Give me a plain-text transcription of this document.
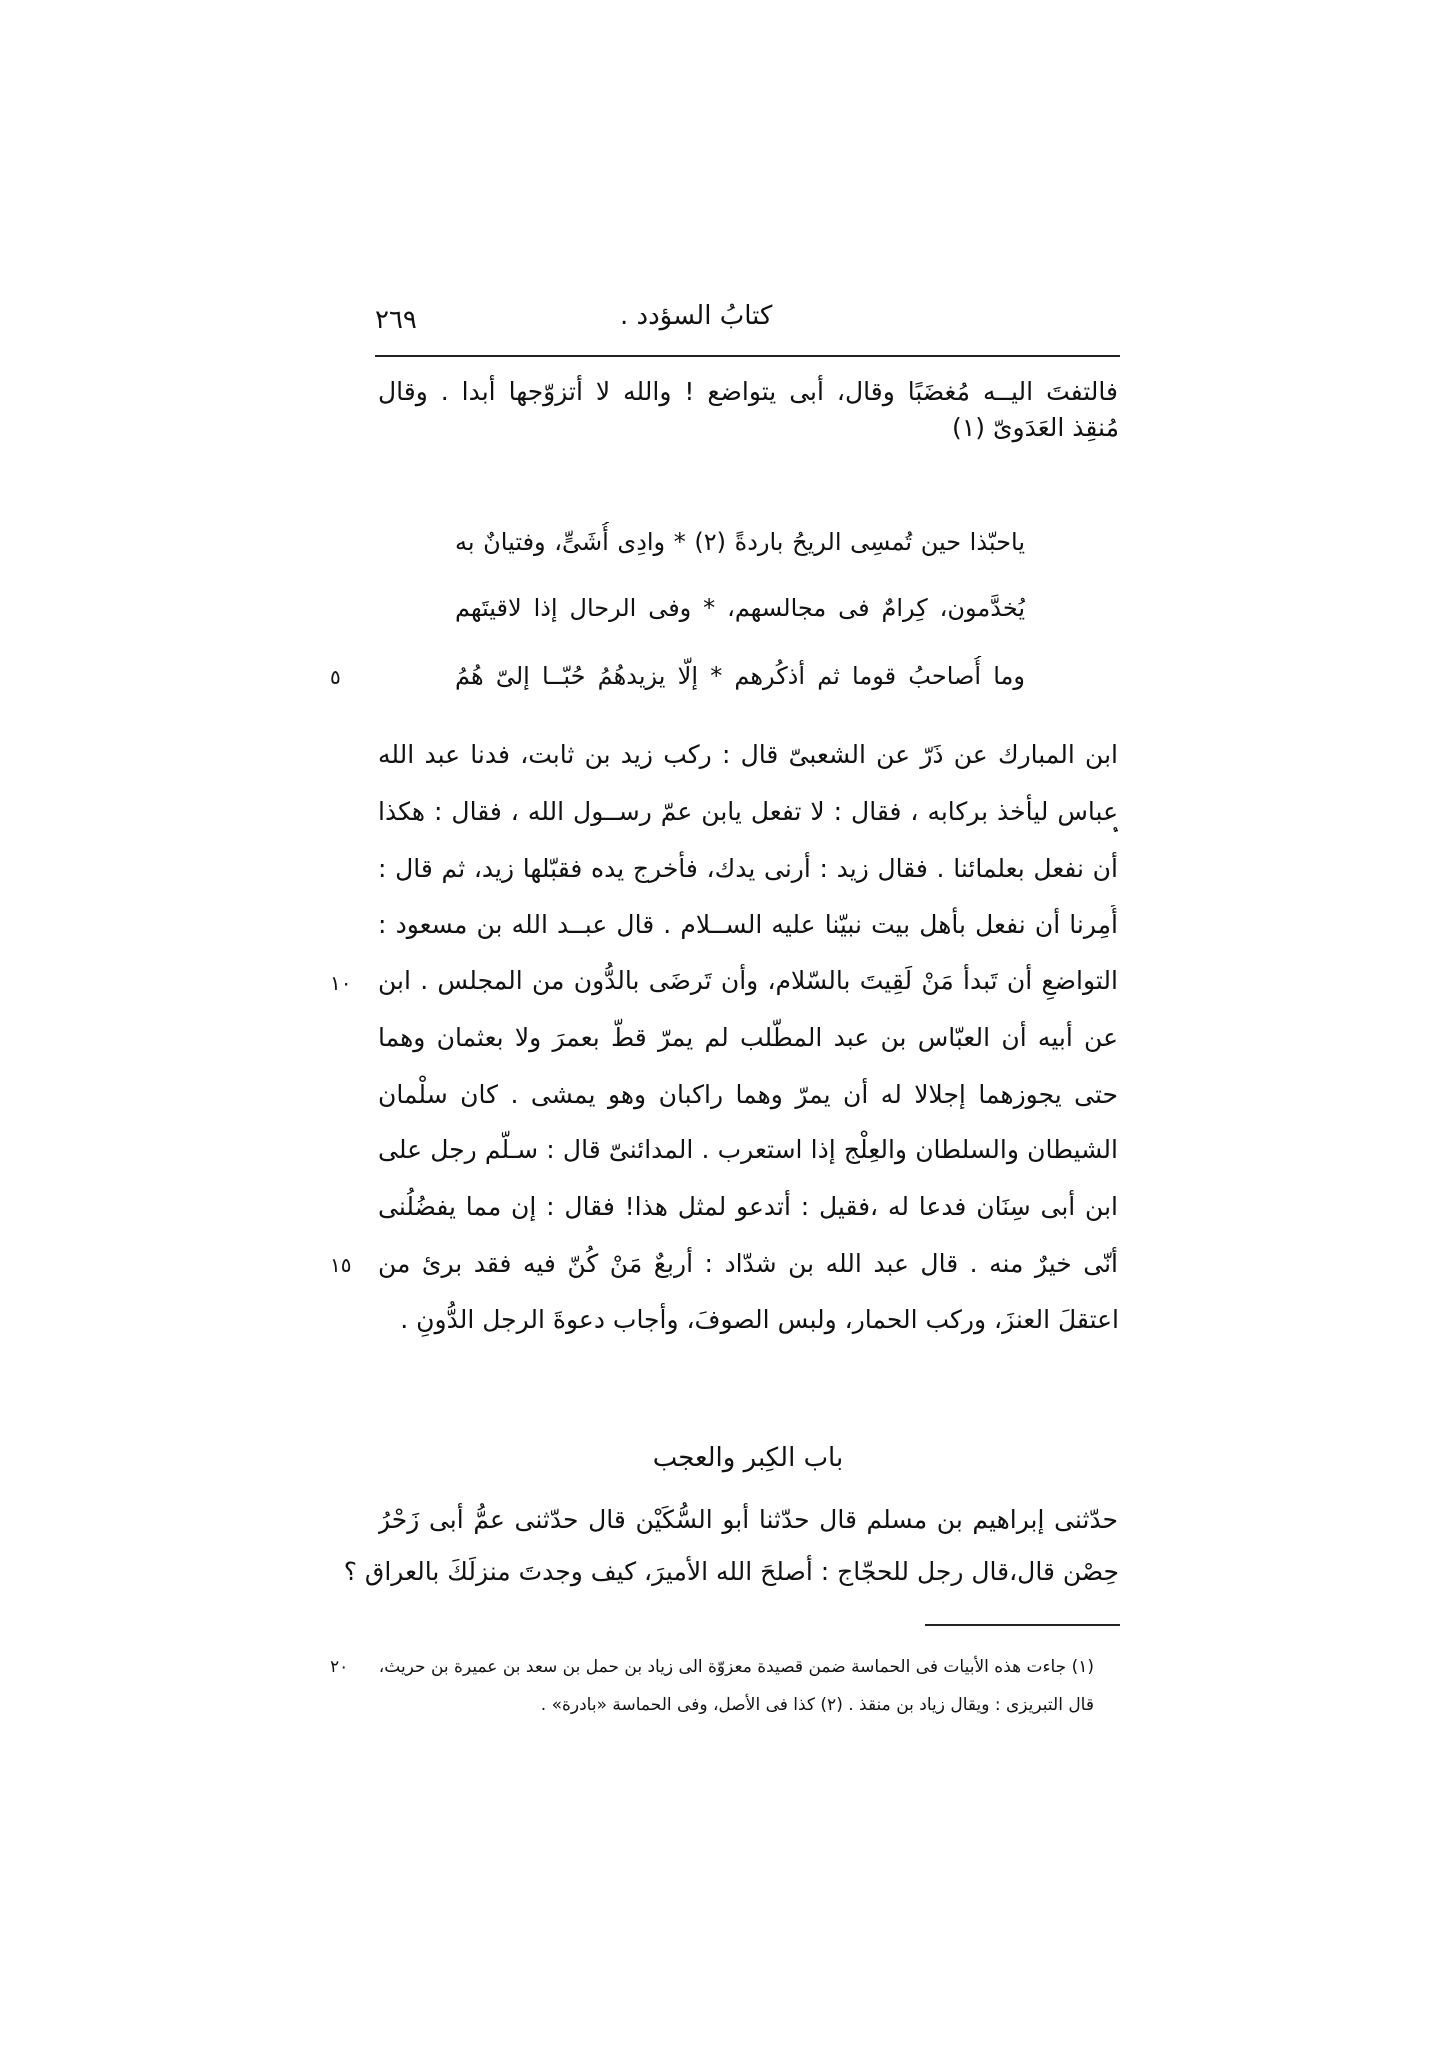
٢٦٩	كتابُ السؤدد .
فالتفتَ اليــه مُغضَبًا وقال، أبى يتواضع ! والله لا أتزوّجها أبدا . وقال
مُنقِذ العَدَوىّ (١)
ياحبّذا حين تُمسِى الريحُ باردةً (٢) * وادِى أُشَىٍّ، وفتيانٌ به
يُخدَّمون، كِرامٌ فى مجالسهم، * وفى الرحال إذا لاقيتَهم
وما أُصاحبُ قوما ثم أذكُرهم * إلّا يزيدهُمُ حُبّــا إلىّ هُمُ
٥
ابن المبارك عن ذَرّ عن الشعبىّ قال : ركب زيد بن ثابت، فدنا عبد الله
عباس ليأخذ بركابه ، فقال : لا تفعل يابن عمّ رســول الله ، فقال : هكذا
أن نفعل بعلمائنا . فقال زيد : أرنى يدك، فأخرج يده فقبّلها زيد، ثم قال :
أُمِرنا أن نفعل بأهل بيت نبيّنا عليه الســلام . قال عبــد الله بن مسعود :
التواضعِ أن تَبدأ مَنْ لَقِيتَ بالسّلام، وأن تَرضَى بالدُّون من المجلس . ابن
١٠
عن أبيه أن العبّاس بن عبد المطّلب لم يمرّ قطّ بعمرَ ولا بعثمان وهما
حتى يجوزهما إجلالا له أن يمرّ وهما راكبان وهو يمشى . كان سلْمان
الشيطان والسلطان والعِلْج إذا استعرب . المدائنىّ قال : سـلّم رجل على
ابن أبى سِنَان فدعا له ،فقيل : أتدعو لمثل هذا! فقال : إن مما يفضُلُنى
أنّى خيرٌ منه . قال عبد الله بن شدّاد : أربعٌ مَنْ كُنّ فيه فقد برئ من
١٥
اعتقلَ العنزَ، وركب الحمار، ولبس الصوفَ، وأجاب دعوةَ الرجل الدُّونِ .
باب الكِبر والعجب
حدّثنى إبراهيم بن مسلم قال حدّثنا أبو السُّكَيْن قال حدّثنى عمُّ أبى زَحْرُ
حِصْن قال،قال رجل للحجّاج : أصلحَ الله الأميرَ، كيف وجدتَ منزلَكَ بالعراق ؟
(١) جاءت هذه الأبيات فى الحماسة ضمن قصيدة معزوّة الى زياد بن حمل بن سعد بن عميرة بن حريث،
٢٠
قال التبريزى : ويقال زياد بن منقذ . (٢) كذا فى الأصل، وفى الحماسة «بادرة» .
